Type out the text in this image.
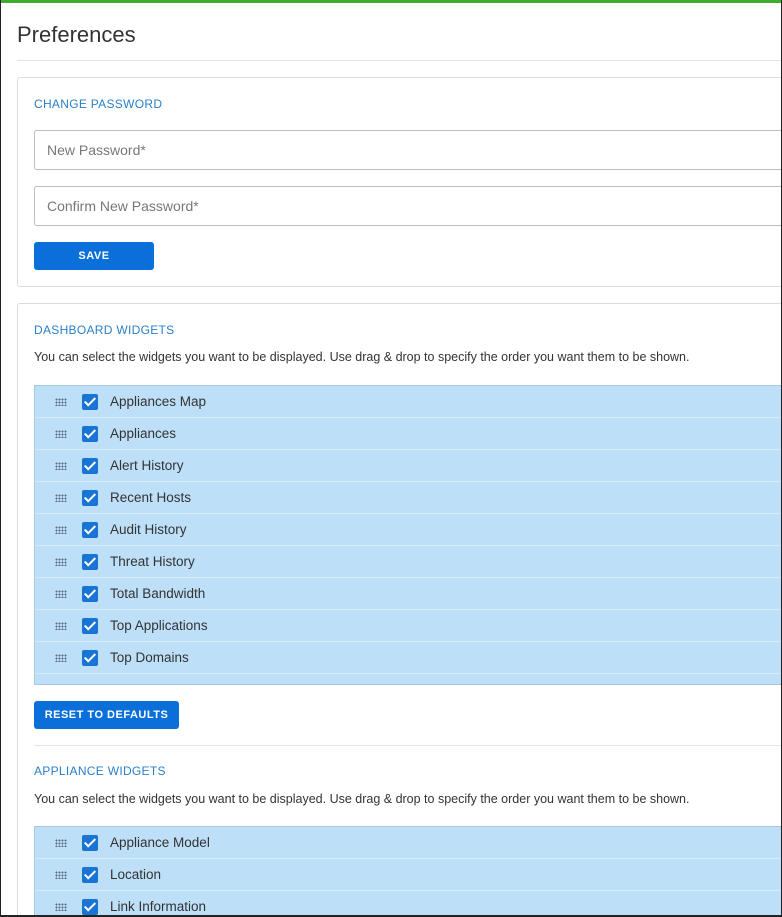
Preferences
CHANGE PASSWORD
SAVE
DASHBOARD WIDGETS
You can select the widgets you want to be displayed. Use drag & drop to specify the order you want them to be shown.
Appliances Map
Appliances
Alert History
Recent Hosts
Audit History
Threat History
Total Bandwidth
Top Applications
Top Domains
RESET TO DEFAULTS
APPLIANCE WIDGETS
You can select the widgets you want to be displayed. Use drag & drop to specify the order you want them to be shown.
Appliance Model
Location
Link Information
